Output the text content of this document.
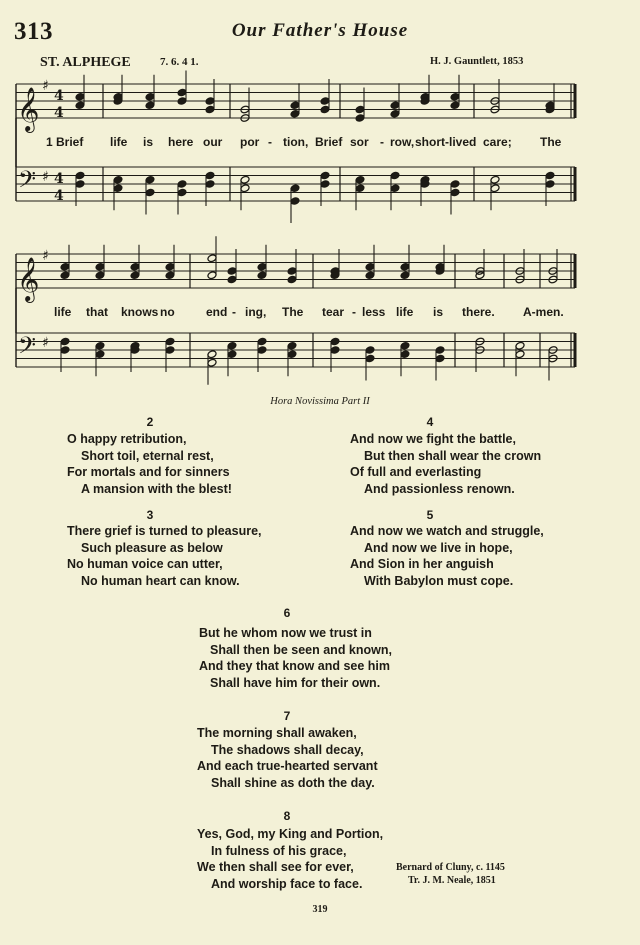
313	Our Father's House
ST. ALPHEGE	7. 6. 4 1.	H. J. Gauntlett, 1853
𝄞
𝄢
♯
♯
4
4
4
4
𝄞
𝄢
♯
♯
1 Brief life is here our por - tion, Brief sor - row, short-lived care; The
life that knows no	end - ing, The tear - less life is there. A-men.
Hora Novissima Part II
2
O happy retribution,
Short toil, eternal rest,
For mortals and for sinners
A mansion with the blest!
3
There grief is turned to pleasure,
Such pleasure as below
No human voice can utter,
No human heart can know.
4
And now we fight the battle,
But then shall wear the crown
Of full and everlasting
And passionless renown.
5
And now we watch and struggle,
And now we live in hope,
And Sion in her anguish
With Babylon must cope.
6
But he whom now we trust in
Shall then be seen and known,
And they that know and see him
Shall have him for their own.
7
The morning shall awaken,
The shadows shall decay,
And each true-hearted servant
Shall shine as doth the day.
8
Yes, God, my King and Portion,
In fulness of his grace,
We then shall see for ever,
And worship face to face.
Bernard of Cluny, c. 1145
Tr. J. M. Neale, 1851
319
